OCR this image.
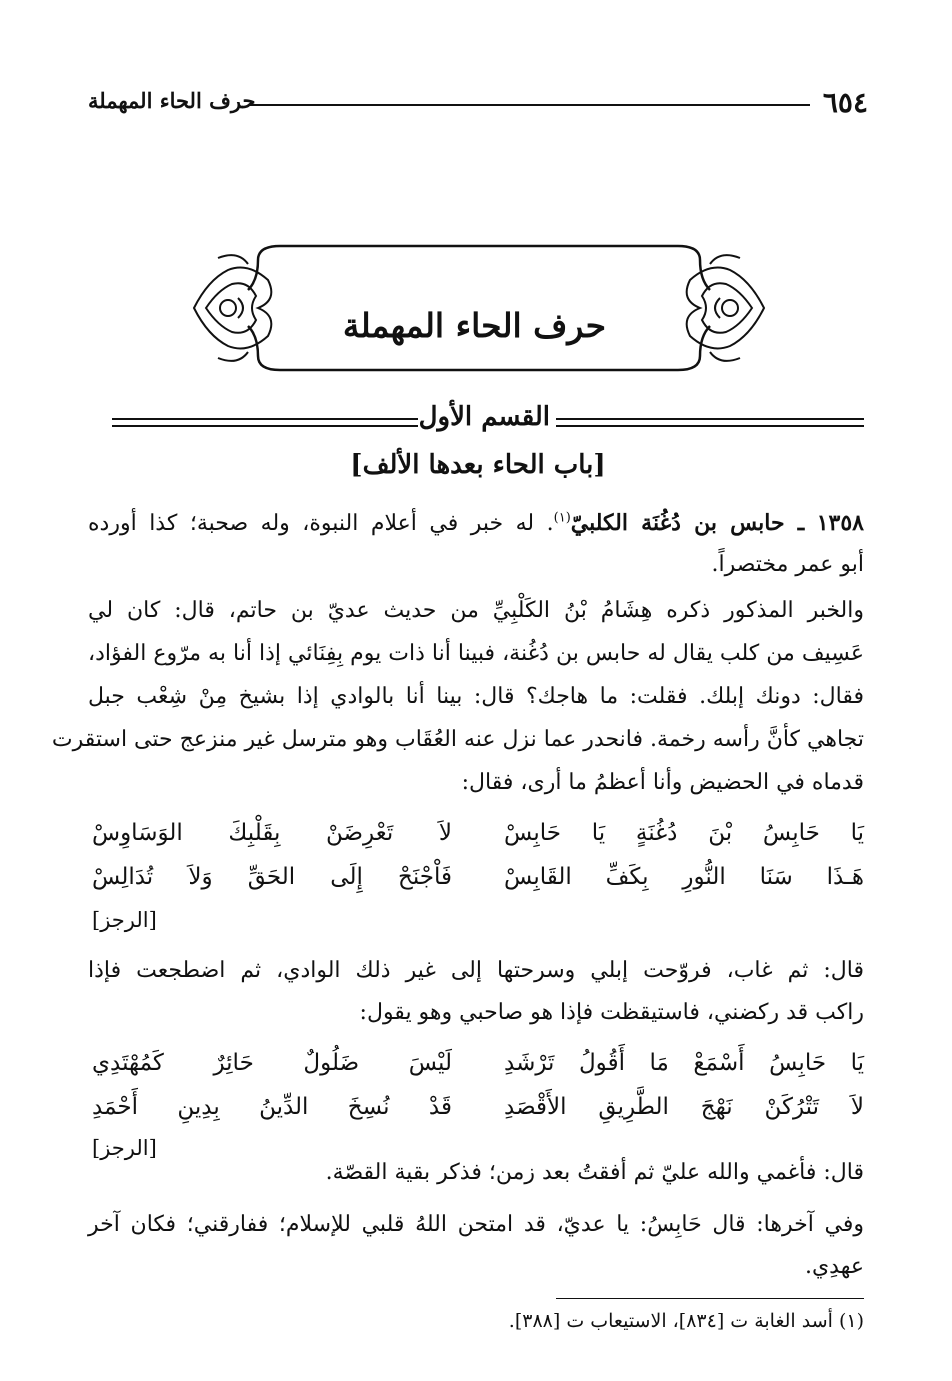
٦٥٤
حرف الحاء المهملة
حرف الحاء المهملة
القسم الأول
[باب الحاء بعدها الألف]
١٣٥٨ ـ حابس بن دُغُنَة الكلبيّ$^{(١)}$. له خبر في أعلام النبوة، وله صحبة؛ كذا أورده
أبو عمر مختصراً.
والخبر المذكور ذكره هِشَامُ بْنُ الكَلْبِيِّ من حديث عديّ بن حاتم، قال: كان لي
عَسِيف من كلب يقال له حابس بن دُغُنة، فبينا أنا ذات يوم بِفِنَائي إذا أنا به مرّوع الفؤاد،
فقال: دونك إبلك. فقلت: ما هاجك؟ قال: بينا أنا بالوادي إذا بشيخ مِنْ شِعْب جبل
تجاهي كأنَّ رأسه رخمة. فانحدر عما نزل عنه العُقَاب وهو مترسل غير منزعج حتى استقرت
قدماه في الحضيض وأنا أعظمُ ما أرى، فقال:
يَا حَابِسُ بْنَ دُغُنَةٍ يَا حَابِسْ
لاَ تَعْرِضَنْ بِقَلْبِكَ الوَسَاوِسْ
هَـذَا سَنَا النُّورِ بِكَفِّ القَابِسْ
فَاْجْنَحْ إِلَى الحَقِّ وَلاَ تُدَالِسْ
[الرجز]
قال: ثم غاب، فروّحت إبلي وسرحتها إلى غير ذلك الوادي، ثم اضطجعت فإذا
راكب قد ركضني، فاستيقظت فإذا هو صاحبي وهو يقول:
يَا حَابِسُ أَسْمَعْ مَا أَقُولُ تَرْشَدِ
لَيْسَ ضَلُولٌ حَائِرٌ كَمُهْتَدِي
لاَ تَتْرُكَنْ نَهْجَ الطَّرِيقِ الأَقْصَدِ
قَدْ نُسِخَ الدِّينُ بِدِينِ أَحْمَدِ
[الرجز]
قال: فأغمي والله عليّ ثم أفقتُ بعد زمن؛ فذكر بقية القصّة.
وفي آخرها: قال حَابِسُ: يا عديّ، قد امتحن اللهُ قلبي للإسلام؛ ففارقني؛ فكان آخر
عهدِي.
(١) أسد الغابة ت [٨٣٤]، الاستيعاب ت [٣٨٨].
